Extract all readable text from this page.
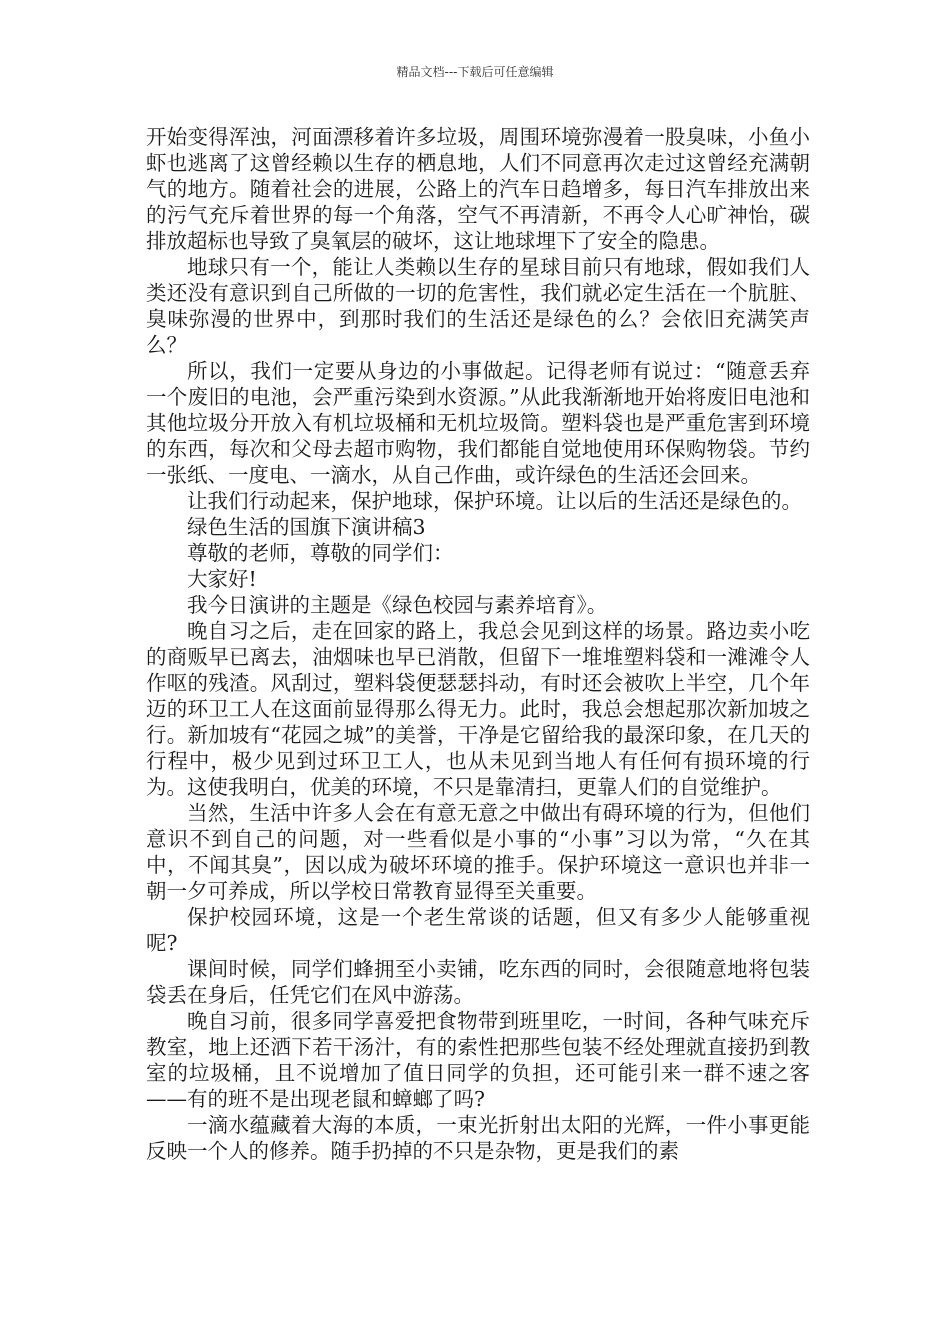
精品文档---下载后可任意编辑

开始变得浑浊，河面漂移着许多垃圾，周围环境弥漫着一股臭味，小鱼小虾也逃离了这曾经赖以生存的栖息地，人们不同意再次走过这曾经充满朝气的地方。随着社会的进展，公路上的汽车日趋增多，每日汽车排放出来的污气充斥着世界的每一个角落，空气不再清新，不再令人心旷神怡，碳排放超标也导致了臭氧层的破坏，这让地球埋下了安全的隐患。

地球只有一个，能让人类赖以生存的星球目前只有地球，假如我们人类还没有意识到自己所做的一切的危害性，我们就必定生活在一个肮脏、臭味弥漫的世界中，到那时我们的生活还是绿色的么？会依旧充满笑声么？

所以，我们一定要从身边的小事做起。记得老师有说过：“随意丢弃一个废旧的电池，会严重污染到水资源。”从此我渐渐地开始将废旧电池和其他垃圾分开放入有机垃圾桶和无机垃圾筒。塑料袋也是严重危害到环境的东西，每次和父母去超市购物，我们都能自觉地使用环保购物袋。节约一张纸、一度电、一滴水，从自己作曲，或许绿色的生活还会回来。

让我们行动起来，保护地球，保护环境。让以后的生活还是绿色的。

绿色生活的国旗下演讲稿3

尊敬的老师，尊敬的同学们：

大家好!

我今日演讲的主题是《绿色校园与素养培育》。

晚自习之后，走在回家的路上，我总会见到这样的场景。路边卖小吃的商贩早已离去，油烟味也早已消散，但留下一堆堆塑料袋和一滩滩令人作呕的残渣。风刮过，塑料袋便瑟瑟抖动，有时还会被吹上半空，几个年迈的环卫工人在这面前显得那么得无力。此时，我总会想起那次新加坡之行。新加坡有“花园之城”的美誉，干净是它留给我的最深印象，在几天的行程中，极少见到过环卫工人，也从未见到当地人有任何有损环境的行为。这使我明白，优美的环境，不只是靠清扫，更靠人们的自觉维护。

当然，生活中许多人会在有意无意之中做出有碍环境的行为，但他们意识不到自己的问题，对一些看似是小事的“小事”习以为常，“久在其中，不闻其臭”，因以成为破坏环境的推手。保护环境这一意识也并非一朝一夕可养成，所以学校日常教育显得至关重要。

保护校园环境，这是一个老生常谈的话题，但又有多少人能够重视呢?

课间时候，同学们蜂拥至小卖铺，吃东西的同时，会很随意地将包装袋丢在身后，任凭它们在风中游荡。

晚自习前，很多同学喜爱把食物带到班里吃，一时间，各种气味充斥教室，地上还洒下若干汤汁，有的索性把那些包装不经处理就直接扔到教室的垃圾桶，且不说增加了值日同学的负担，还可能引来一群不速之客——有的班不是出现老鼠和蟑螂了吗?

一滴水蕴藏着大海的本质，一束光折射出太阳的光辉，一件小事更能反映一个人的修养。随手扔掉的不只是杂物，更是我们的素
